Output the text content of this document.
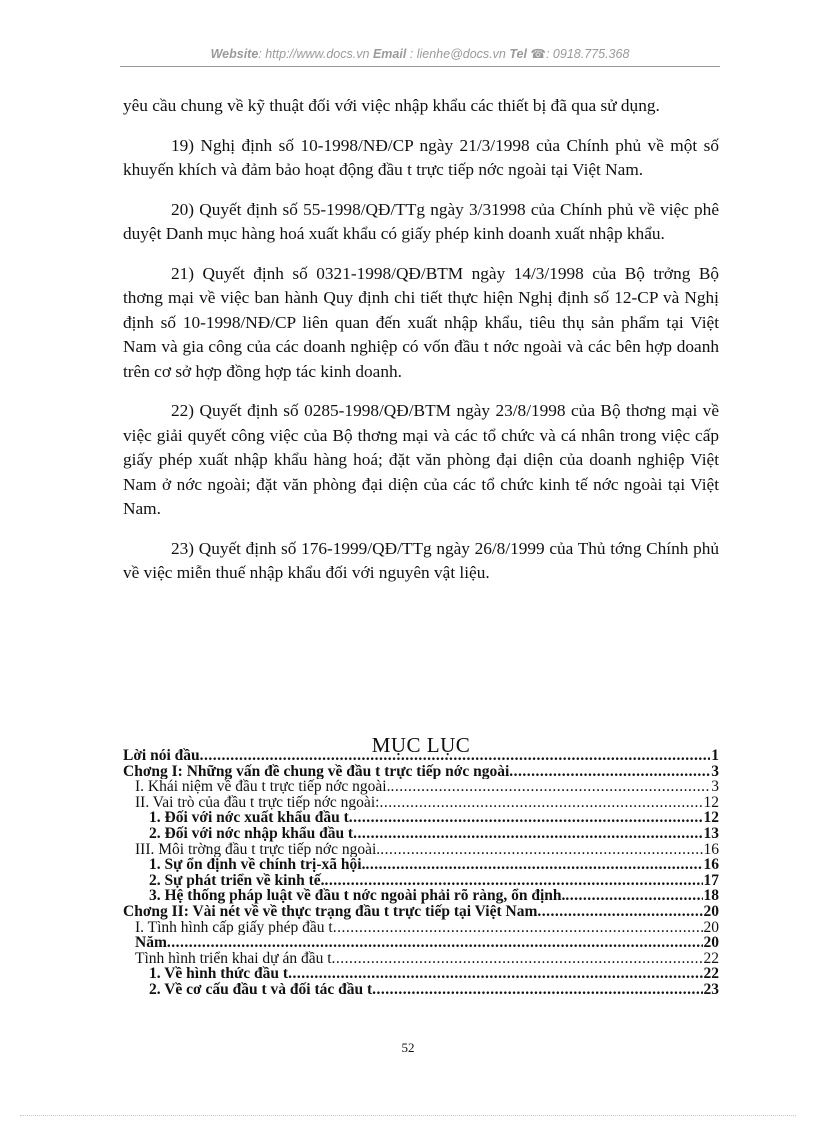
Website: http://www.docs.vn Email : lienhe@docs.vn Tel ☎: 0918.775.368

yêu cầu chung về kỹ thuật đối với việc nhập khẩu các thiết bị đã qua sử dụng.

19) Nghị định số 10-1998/NĐ/CP ngày 21/3/1998 của Chính phủ về một số khuyến khích và đảm bảo hoạt động đầu t trực tiếp nớc ngoài tại Việt Nam.

20) Quyết định số 55-1998/QĐ/TTg ngày 3/31998 của Chính phủ về việc phê duyệt Danh mục hàng hoá xuất khẩu có giấy phép kinh doanh xuất nhập khẩu.

21) Quyết định số 0321-1998/QĐ/BTM ngày 14/3/1998 của Bộ trởng Bộ thơng mại về việc ban hành Quy định chi tiết thực hiện Nghị định số 12-CP và Nghị định số 10-1998/NĐ/CP liên quan đến xuất nhập khẩu, tiêu thụ sản phẩm tại Việt Nam và gia công của các doanh nghiệp có vốn đầu t nớc ngoài và các bên hợp doanh trên cơ sở hợp đồng hợp tác kinh doanh.

22) Quyết định số 0285-1998/QĐ/BTM ngày 23/8/1998 của Bộ thơng mại về việc giải quyết công việc của Bộ thơng mại và các tổ chức và cá nhân trong việc cấp giấy phép xuất nhập khẩu hàng hoá; đặt văn phòng đại diện của doanh nghiệp Việt Nam ở nớc ngoài; đặt văn phòng đại diện của các tổ chức kinh tế nớc ngoài tại Việt Nam.

23) Quyết định số 176-1999/QĐ/TTg ngày 26/8/1999 của Thủ tớng Chính phủ về việc miễn thuế nhập khẩu đối với nguyên vật liệu.

MỤC LỤC
Lời nói đầu .....	1
Chơng I: Những vấn đề chung về đầu t trực tiếp nớc ngoài .....	3
I. Khái niệm về đầu t trực tiếp nớc ngoài. .....	3
II. Vai trò của đầu t trực tiếp nớc ngoài: .....	12
1. Đối với nớc xuất khẩu đầu t .....	12
2. Đối với nớc nhập khẩu đầu t .....	13
III. Môi trờng đầu t trực tiếp nớc ngoài. .....	16
1. Sự ổn định về chính trị-xã hội. .....	16
2. Sự phát triển về kinh tế. .....	17
3. Hệ thống pháp luật về đầu t nớc ngoài phải rõ ràng, ổn định. .....	18
Chơng II: Vài nét về về thực trạng đầu t trực tiếp tại Việt Nam .....	20
I. Tình hình cấp giấy phép đầu t .....	20
Năm .....	20
Tình hình triển khai dự án đầu t .....	22
1. Về hình thức đầu t .....	22
2. Về cơ cấu đầu t và đối tác đầu t .....	23
52
